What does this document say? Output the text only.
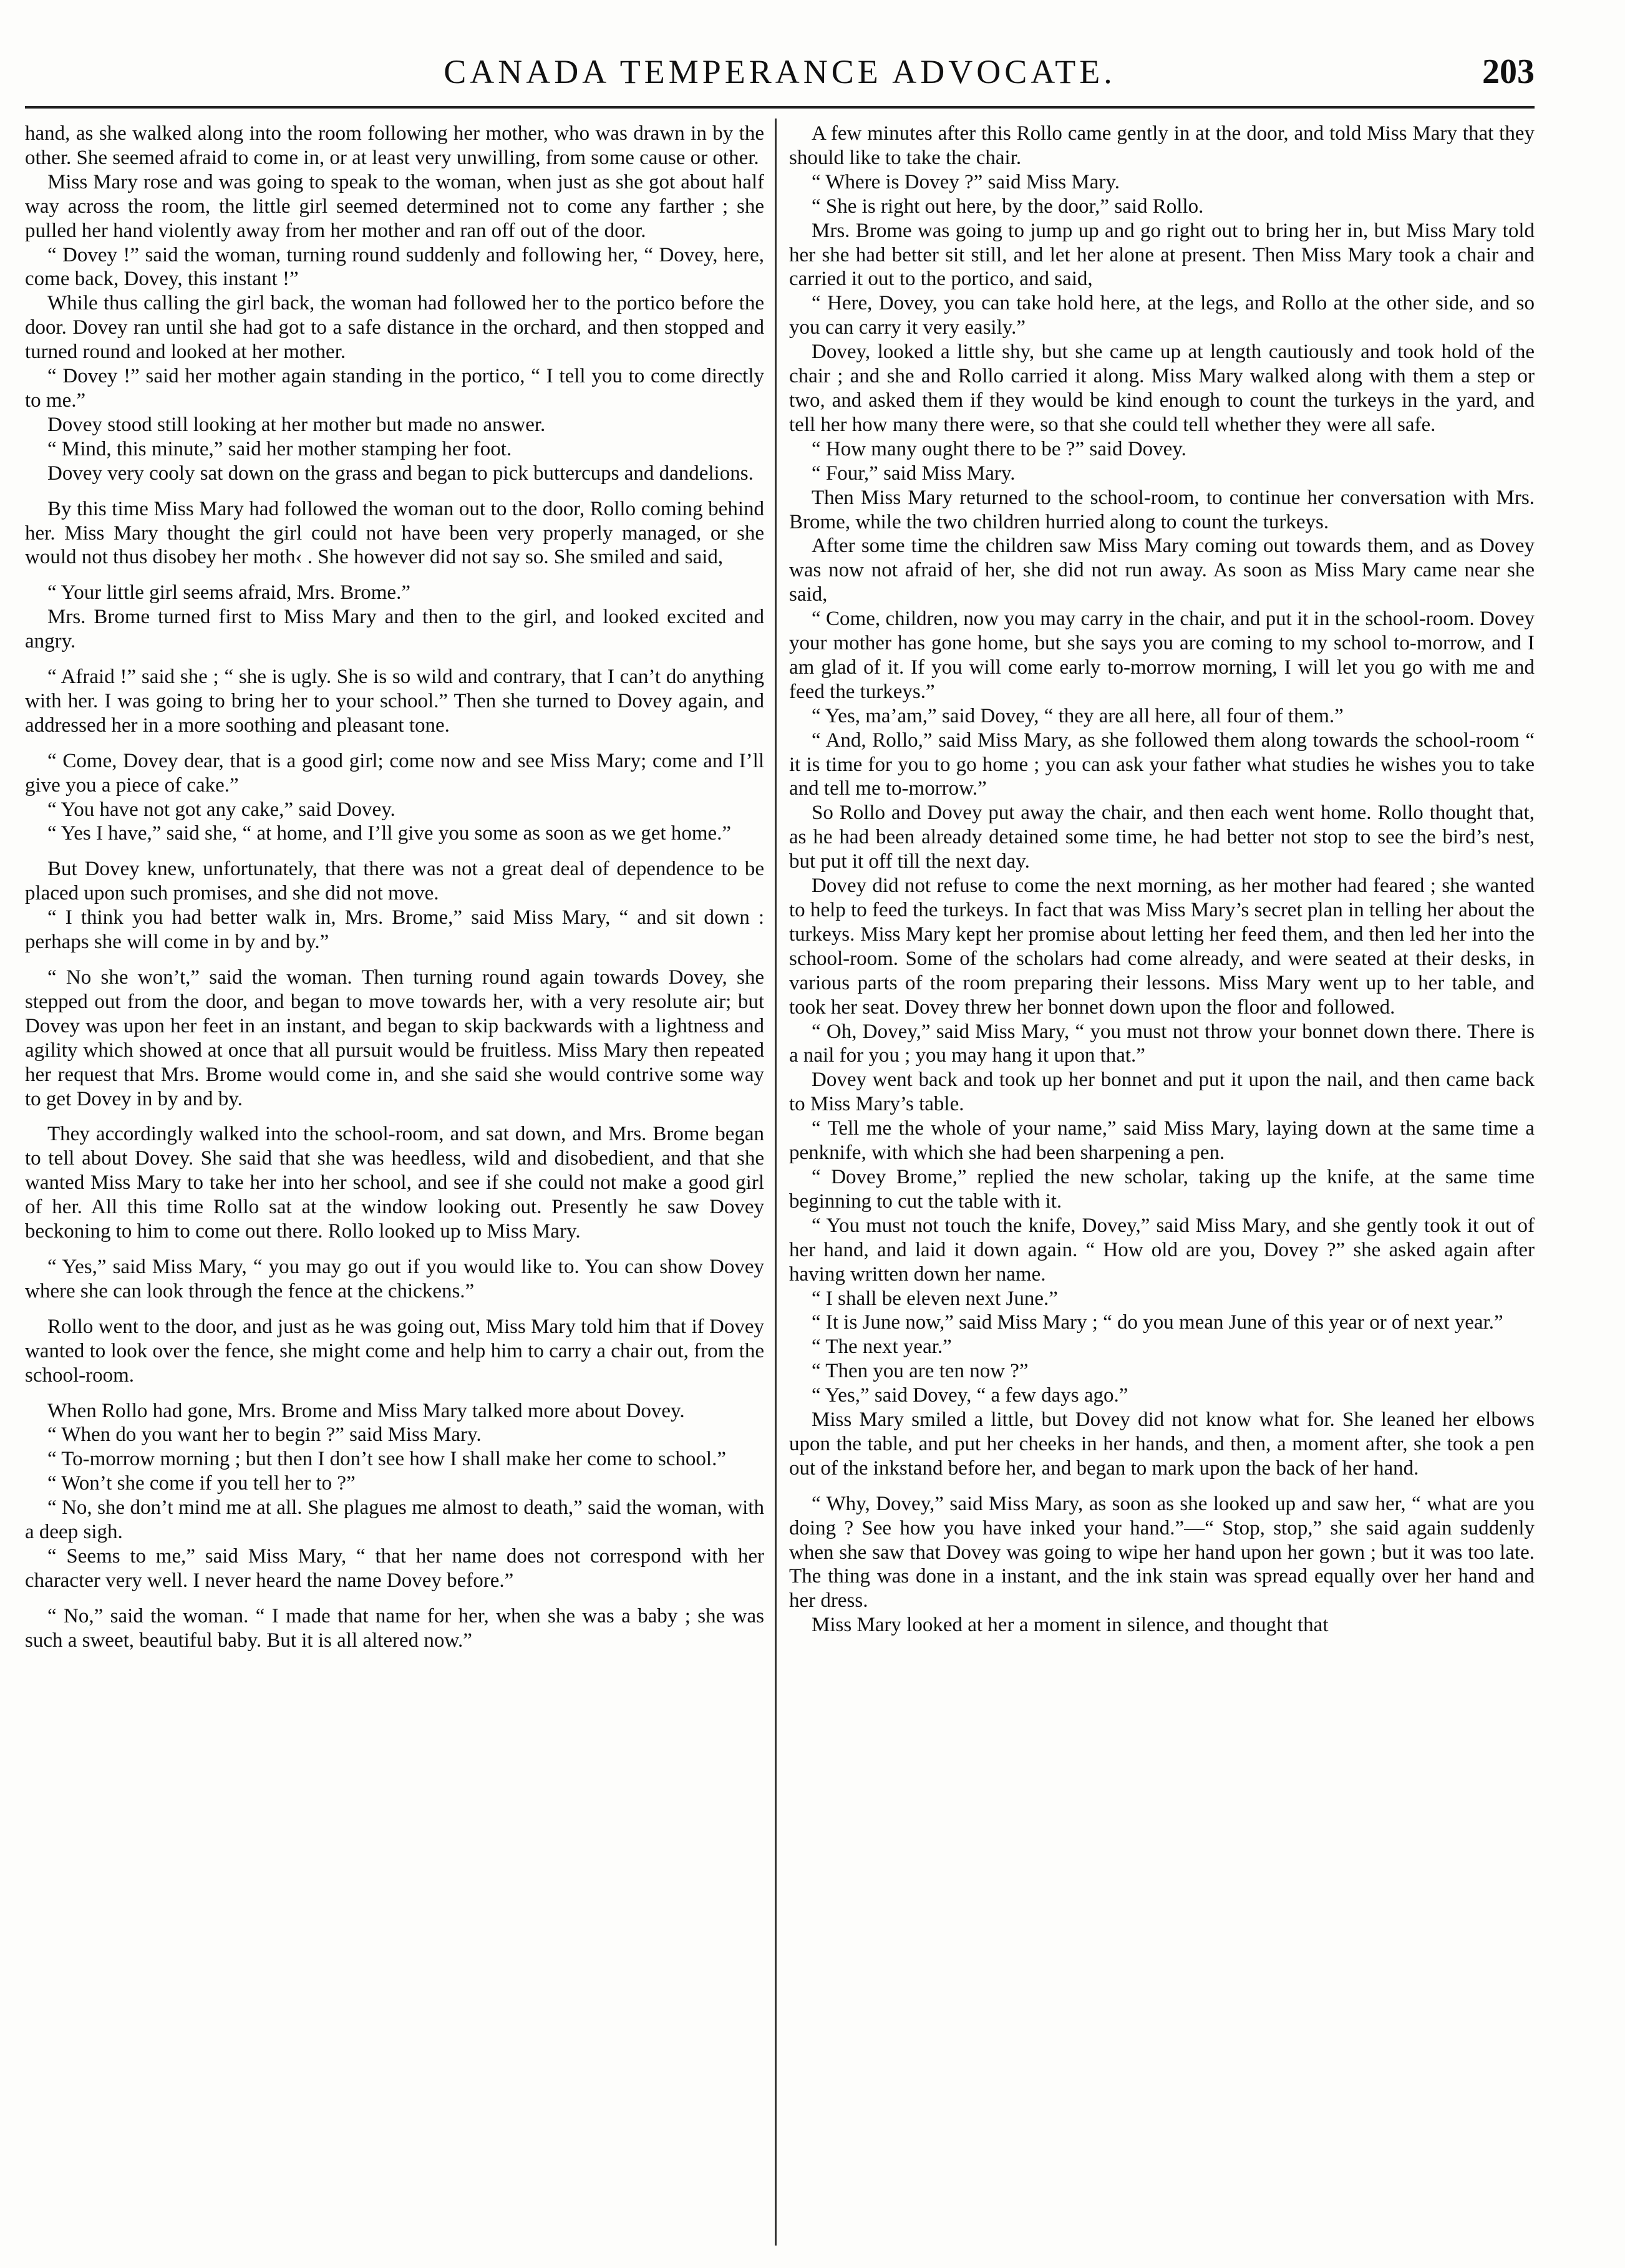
CANADA TEMPERANCE ADVOCATE.	203

hand, as she walked along into the room following her mother, who was drawn in by the other. She seemed afraid to come in, or at least very unwilling, from some cause or other.

Miss Mary rose and was going to speak to the woman, when just as she got about half way across the room, the little girl seemed determined not to come any farther ; she pulled her hand violently away from her mother and ran off out of the door.

“ Dovey !” said the woman, turning round suddenly and following her, “ Dovey, here, come back, Dovey, this instant !”

While thus calling the girl back, the woman had followed her to the portico before the door. Dovey ran until she had got to a safe distance in the orchard, and then stopped and turned round and looked at her mother.

“ Dovey !” said her mother again standing in the portico, “ I tell you to come directly to me.”

Dovey stood still looking at her mother but made no answer.

“ Mind, this minute,” said her mother stamping her foot.

Dovey very cooly sat down on the grass and began to pick buttercups and dandelions.

By this time Miss Mary had followed the woman out to the door, Rollo coming behind her. Miss Mary thought the girl could not have been very properly managed, or she would not thus disobey her moth‹ . She however did not say so. She smiled and said,

“ Your little girl seems afraid, Mrs. Brome.”

Mrs. Brome turned first to Miss Mary and then to the girl, and looked excited and angry.

“ Afraid !” said she ; “ she is ugly. She is so wild and contrary, that I can’t do anything with her. I was going to bring her to your school.” Then she turned to Dovey again, and addressed her in a more soothing and pleasant tone.

“ Come, Dovey dear, that is a good girl; come now and see Miss Mary; come and I’ll give you a piece of cake.”

“ You have not got any cake,” said Dovey.

“ Yes I have,” said she, “ at home, and I’ll give you some as soon as we get home.”

But Dovey knew, unfortunately, that there was not a great deal of dependence to be placed upon such promises, and she did not move.

“ I think you had better walk in, Mrs. Brome,” said Miss Mary, “ and sit down : perhaps she will come in by and by.”

“ No she won’t,” said the woman. Then turning round again towards Dovey, she stepped out from the door, and began to move towards her, with a very resolute air; but Dovey was upon her feet in an instant, and began to skip backwards with a lightness and agility which showed at once that all pursuit would be fruitless. Miss Mary then repeated her request that Mrs. Brome would come in, and she said she would contrive some way to get Dovey in by and by.

They accordingly walked into the school-room, and sat down, and Mrs. Brome began to tell about Dovey. She said that she was heedless, wild and disobedient, and that she wanted Miss Mary to take her into her school, and see if she could not make a good girl of her. All this time Rollo sat at the window looking out. Presently he saw Dovey beckoning to him to come out there. Rollo looked up to Miss Mary.

“ Yes,” said Miss Mary, “ you may go out if you would like to. You can show Dovey where she can look through the fence at the chickens.”

Rollo went to the door, and just as he was going out, Miss Mary told him that if Dovey wanted to look over the fence, she might come and help him to carry a chair out, from the school-room.

When Rollo had gone, Mrs. Brome and Miss Mary talked more about Dovey.

“ When do you want her to begin ?” said Miss Mary.

“ To-morrow morning ; but then I don’t see how I shall make her come to school.”

“ Won’t she come if you tell her to ?”

“ No, she don’t mind me at all. She plagues me almost to death,” said the woman, with a deep sigh.

“ Seems to me,” said Miss Mary, “ that her name does not correspond with her character very well. I never heard the name Dovey before.”

“ No,” said the woman. “ I made that name for her, when she was a baby ; she was such a sweet, beautiful baby. But it is all altered now.”

A few minutes after this Rollo came gently in at the door, and told Miss Mary that they should like to take the chair.

“ Where is Dovey ?” said Miss Mary.

“ She is right out here, by the door,” said Rollo.

Mrs. Brome was going to jump up and go right out to bring her in, but Miss Mary told her she had better sit still, and let her alone at present. Then Miss Mary took a chair and carried it out to the portico, and said,

“ Here, Dovey, you can take hold here, at the legs, and Rollo at the other side, and so you can carry it very easily.”

Dovey, looked a little shy, but she came up at length cautiously and took hold of the chair ; and she and Rollo carried it along. Miss Mary walked along with them a step or two, and asked them if they would be kind enough to count the turkeys in the yard, and tell her how many there were, so that she could tell whether they were all safe.

“ How many ought there to be ?” said Dovey.

“ Four,” said Miss Mary.

Then Miss Mary returned to the school-room, to continue her conversation with Mrs. Brome, while the two children hurried along to count the turkeys.

After some time the children saw Miss Mary coming out towards them, and as Dovey was now not afraid of her, she did not run away. As soon as Miss Mary came near she said,

“ Come, children, now you may carry in the chair, and put it in the school-room. Dovey your mother has gone home, but she says you are coming to my school to-morrow, and I am glad of it. If you will come early to-morrow morning, I will let you go with me and feed the turkeys.”

“ Yes, ma’am,” said Dovey, “ they are all here, all four of them.”

“ And, Rollo,” said Miss Mary, as she followed them along towards the school-room “ it is time for you to go home ; you can ask your father what studies he wishes you to take and tell me to-morrow.”

So Rollo and Dovey put away the chair, and then each went home. Rollo thought that, as he had been already detained some time, he had better not stop to see the bird’s nest, but put it off till the next day.

Dovey did not refuse to come the next morning, as her mother had feared ; she wanted to help to feed the turkeys. In fact that was Miss Mary’s secret plan in telling her about the turkeys. Miss Mary kept her promise about letting her feed them, and then led her into the school-room. Some of the scholars had come already, and were seated at their desks, in various parts of the room preparing their lessons. Miss Mary went up to her table, and took her seat. Dovey threw her bonnet down upon the floor and followed.

“ Oh, Dovey,” said Miss Mary, “ you must not throw your bonnet down there. There is a nail for you ; you may hang it upon that.”

Dovey went back and took up her bonnet and put it upon the nail, and then came back to Miss Mary’s table.

“ Tell me the whole of your name,” said Miss Mary, laying down at the same time a penknife, with which she had been sharpening a pen.

“ Dovey Brome,” replied the new scholar, taking up the knife, at the same time beginning to cut the table with it.

“ You must not touch the knife, Dovey,” said Miss Mary, and she gently took it out of her hand, and laid it down again. “ How old are you, Dovey ?” she asked again after having written down her name.

“ I shall be eleven next June.”

“ It is June now,” said Miss Mary ; “ do you mean June of this year or of next year.”

“ The next year.”

“ Then you are ten now ?”

“ Yes,” said Dovey, “ a few days ago.”

Miss Mary smiled a little, but Dovey did not know what for. She leaned her elbows upon the table, and put her cheeks in her hands, and then, a moment after, she took a pen out of the inkstand before her, and began to mark upon the back of her hand.

“ Why, Dovey,” said Miss Mary, as soon as she looked up and saw her, “ what are you doing ? See how you have inked your hand.”—“ Stop, stop,” she said again suddenly when she saw that Dovey was going to wipe her hand upon her gown ; but it was too late. The thing was done in a instant, and the ink stain was spread equally over her hand and her dress.

Miss Mary looked at her a moment in silence, and thought that
